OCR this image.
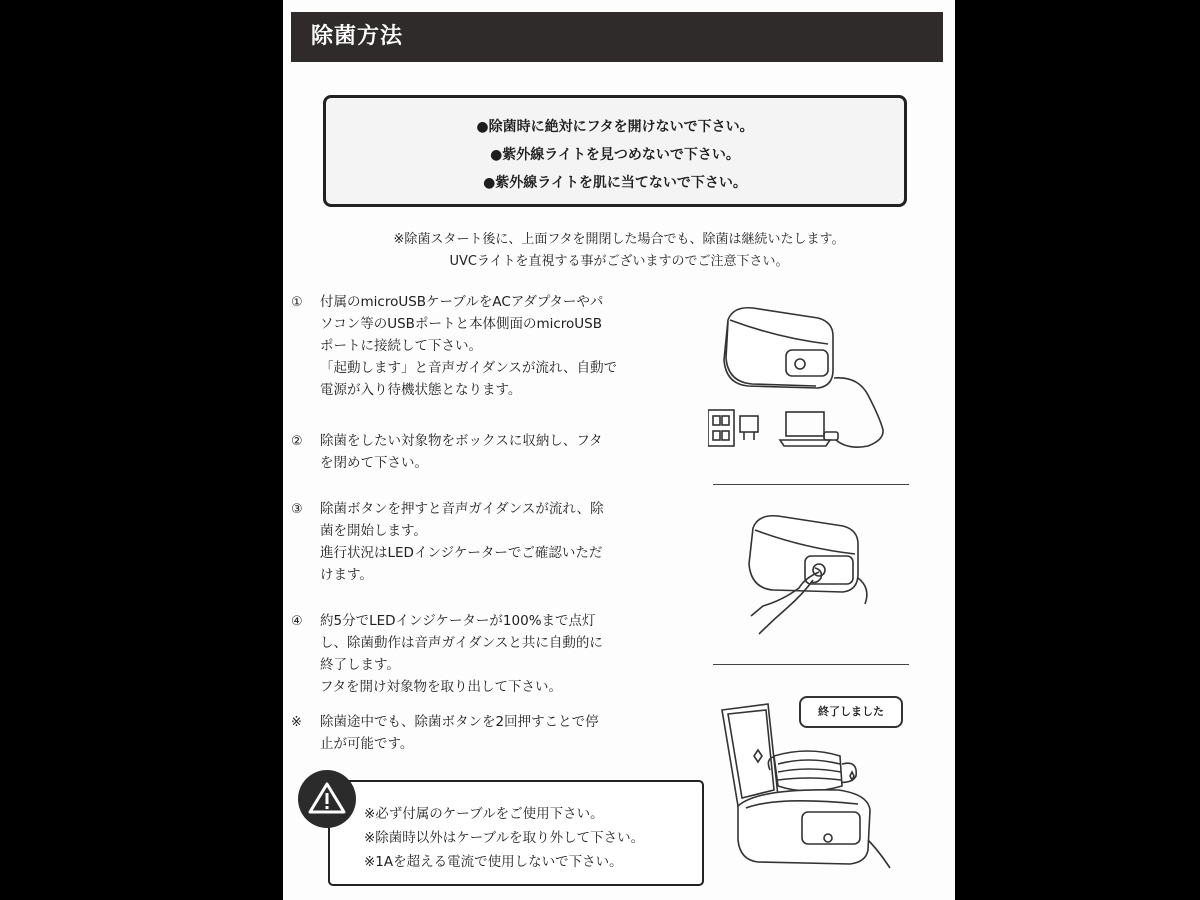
除菌方法
●除菌時に絶対にフタを開けないで下さい。
●紫外線ライトを見つめないで下さい。
●紫外線ライトを肌に当てないで下さい。
※除菌スタート後に、上面フタを開閉した場合でも、除菌は継続いたします。
UVCライトを直視する事がございますのでご注意下さい。
① 付属のmicroUSBケーブルをACアダプターやパ
ソコン等のUSBポートと本体側面のmicroUSB
ポートに接続して下さい。
「起動します」と音声ガイダンスが流れ、自動で
電源が入り待機状態となります。
② 除菌をしたい対象物をボックスに収納し、フタ
を閉めて下さい。
③ 除菌ボタンを押すと音声ガイダンスが流れ、除
菌を開始します。
進行状況はLEDインジケーターでご確認いただ
けます。
④ 約5分でLEDインジケーターが100%まで点灯
し、除菌動作は音声ガイダンスと共に自動的に
終了します。
フタを開け対象物を取り出して下さい。
※ 除菌途中でも、除菌ボタンを2回押すことで停
止が可能です。
終了しました
※必ず付属のケーブルをご使用下さい。
※除菌時以外はケーブルを取り外して下さい。
※1Aを超える電流で使用しないで下さい。
